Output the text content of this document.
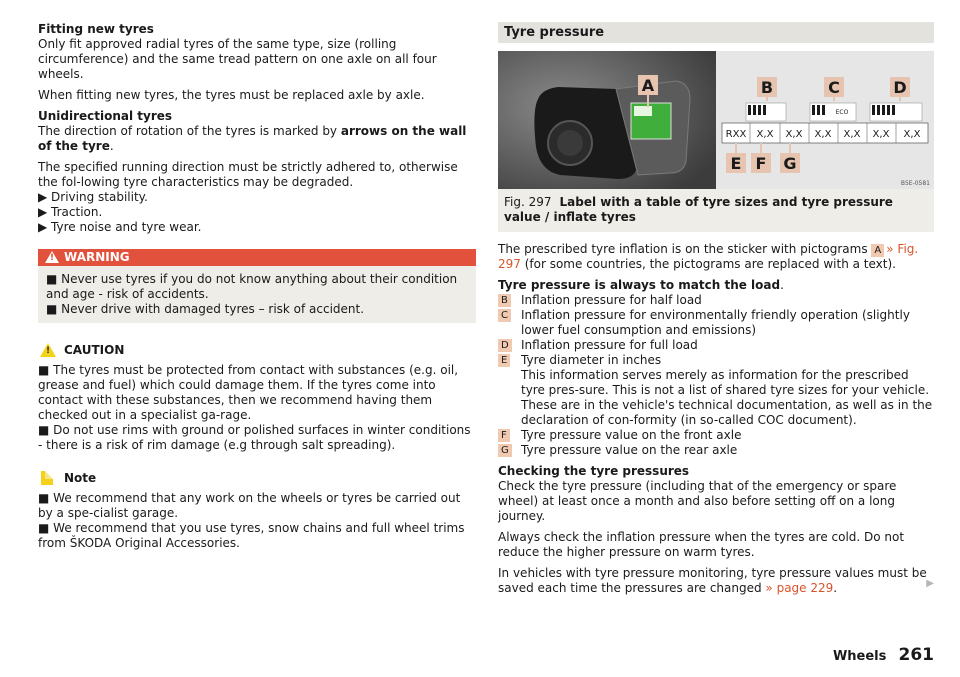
Fitting new tyres

Only fit approved radial tyres of the same type, size (rolling circumference) and the same tread pattern on one axle on all four wheels.

When fitting new tyres, the tyres must be replaced axle by axle.

Unidirectional tyres

The direction of rotation of the tyres is marked by arrows on the wall of the tyre.

The specified running direction must be strictly adhered to, otherwise the fol-lowing tyre characteristics may be degraded.
▶ Driving stability.
▶ Traction.
▶ Tyre noise and tyre wear.
! WARNING
■ Never use tyres if you do not know anything about their condition and age - risk of accidents.
■ Never drive with damaged tyres – risk of accident.
! CAUTION
■ The tyres must be protected from contact with substances (e.g. oil, grease and fuel) which could damage them. If the tyres come into contact with these substances, then we recommend having them checked out in a specialist ga-rage.
■ Do not use rims with ground or polished surfaces in winter conditions - there is a risk of rim damage (e.g through salt spreading).
Note
■ We recommend that any work on the wheels or tyres be carried out by a spe-cialist garage.
■ We recommend that you use tyres, snow chains and full wheel trims from ŠKODA Original Accessories.
Tyre pressure
A	B	C	D
ECO
RXX X,X X,X X,X X,X X,X X,X
E F G
B5E-0581
Fig. 297 Label with a table of tyre sizes and tyre pressure value / inflate tyres

The prescribed tyre inflation is on the sticker with pictograms A » Fig. 297 (for some countries, the pictograms are replaced with a text).

Tyre pressure is always to match the load.
B Inflation pressure for half load
C Inflation pressure for environmentally friendly operation (slightly lower fuel consumption and emissions)
D Inflation pressure for full load
E Tyre diameter in inches
This information serves merely as information for the prescribed tyre pres-sure. This is not a list of shared tyre sizes for your vehicle. These are in the vehicle's technical documentation, as well as in the declaration of con-formity (in so-called COC document).
F Tyre pressure value on the front axle
G Tyre pressure value on the rear axle
Checking the tyre pressures

Check the tyre pressure (including that of the emergency or spare wheel) at least once a month and also before setting off on a long journey.

Always check the inflation pressure when the tyres are cold. Do not reduce the higher pressure on warm tyres.

In vehicles with tyre pressure monitoring, tyre pressure values must be saved each time the pressures are changed » page 229.	▶
Wheels 261
